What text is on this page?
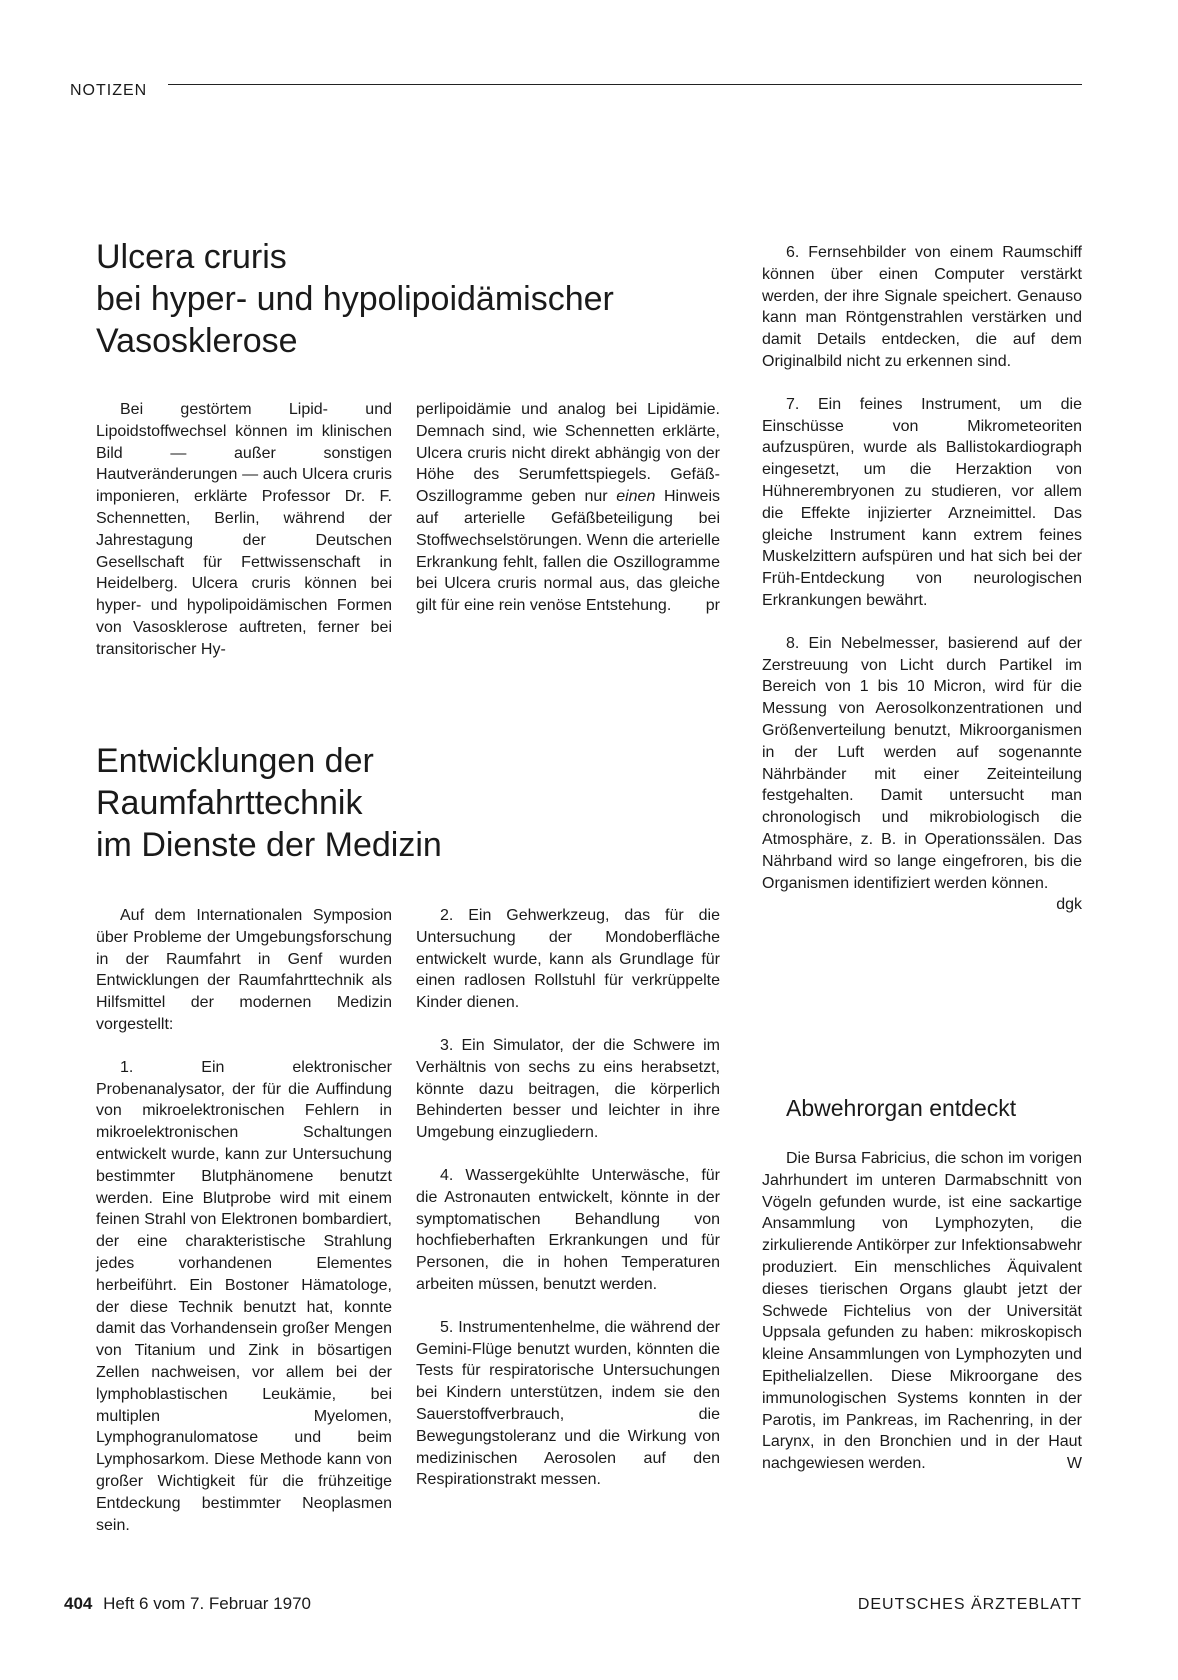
NOTIZEN
Ulcera cruris
bei hyper- und hypolipoidämischer
Vasosklerose

Bei gestörtem Lipid- und Lipoidstoffwechsel können im klinischen Bild — außer sonstigen Hautveränderungen — auch Ulcera cruris imponieren, erklärte Professor Dr. F. Schennetten, Berlin, während der Jahrestagung der Deutschen Gesellschaft für Fettwissenschaft in Heidelberg. Ulcera cruris können bei hyper- und hypolipoidämischen Formen von Vasosklerose auftreten, ferner bei transitorischer Hy-

perlipoidämie und analog bei Lipidämie. Demnach sind, wie Schennetten erklärte, Ulcera cruris nicht direkt abhängig von der Höhe des Serumfettspiegels. Gefäß-Oszillogramme geben nur einen Hinweis auf arterielle Gefäßbeteiligung bei Stoffwechselstörungen. Wenn die arterielle Erkrankung fehlt, fallen die Oszillogramme bei Ulcera cruris normal aus, das gleiche gilt für eine rein venöse Entstehung. pr

Entwicklungen der
Raumfahrttechnik
im Dienste der Medizin

Auf dem Internationalen Symposion über Probleme der Umgebungsforschung in der Raumfahrt in Genf wurden Entwicklungen der Raumfahrttechnik als Hilfsmittel der modernen Medizin vorgestellt:

1. Ein elektronischer Probenanalysator, der für die Auffindung von mikroelektronischen Fehlern in mikroelektronischen Schaltungen entwickelt wurde, kann zur Untersuchung bestimmter Blutphänomene benutzt werden. Eine Blutprobe wird mit einem feinen Strahl von Elektronen bombardiert, der eine charakteristische Strahlung jedes vorhandenen Elementes herbeiführt. Ein Bostoner Hämatologe, der diese Technik benutzt hat, konnte damit das Vorhandensein großer Mengen von Titanium und Zink in bösartigen Zellen nachweisen, vor allem bei der lymphoblastischen Leukämie, bei multiplen Myelomen, Lymphogranulomatose und beim Lymphosarkom. Diese Methode kann von großer Wichtigkeit für die frühzeitige Entdeckung bestimmter Neoplasmen sein.

2. Ein Gehwerkzeug, das für die Untersuchung der Mondoberfläche entwickelt wurde, kann als Grundlage für einen radlosen Rollstuhl für verkrüppelte Kinder dienen.

3. Ein Simulator, der die Schwere im Verhältnis von sechs zu eins herabsetzt, könnte dazu beitragen, die körperlich Behinderten besser und leichter in ihre Umgebung einzugliedern.

4. Wassergekühlte Unterwäsche, für die Astronauten entwickelt, könnte in der symptomatischen Behandlung von hochfieberhaften Erkrankungen und für Personen, die in hohen Temperaturen arbeiten müssen, benutzt werden.

5. Instrumentenhelme, die während der Gemini-Flüge benutzt wurden, könnten die Tests für respiratorische Untersuchungen bei Kindern unterstützen, indem sie den Sauerstoffverbrauch, die Bewegungstoleranz und die Wirkung von medizinischen Aerosolen auf den Respirationstrakt messen.

6. Fernsehbilder von einem Raumschiff können über einen Computer verstärkt werden, der ihre Signale speichert. Genauso kann man Röntgenstrahlen verstärken und damit Details entdecken, die auf dem Originalbild nicht zu erkennen sind.

7. Ein feines Instrument, um die Einschüsse von Mikrometeoriten aufzuspüren, wurde als Ballistokardiograph eingesetzt, um die Herzaktion von Hühnerembryonen zu studieren, vor allem die Effekte injizierter Arzneimittel. Das gleiche Instrument kann extrem feines Muskelzittern aufspüren und hat sich bei der Früh-Entdeckung von neurologischen Erkrankungen bewährt.

8. Ein Nebelmesser, basierend auf der Zerstreuung von Licht durch Partikel im Bereich von 1 bis 10 Micron, wird für die Messung von Aerosolkonzentrationen und Größenverteilung benutzt, Mikroorganismen in der Luft werden auf sogenannte Nährbänder mit einer Zeiteinteilung festgehalten. Damit untersucht man chronologisch und mikrobiologisch die Atmosphäre, z. B. in Operationssälen. Das Nährband wird so lange eingefroren, bis die Organismen identifiziert werden können.
dgk

Abwehrorgan entdeckt

Die Bursa Fabricius, die schon im vorigen Jahrhundert im unteren Darmabschnitt von Vögeln gefunden wurde, ist eine sackartige Ansammlung von Lymphozyten, die zirkulierende Antikörper zur Infektionsabwehr produziert. Ein menschliches Äquivalent dieses tierischen Organs glaubt jetzt der Schwede Fichtelius von der Universität Uppsala gefunden zu haben: mikroskopisch kleine Ansammlungen von Lymphozyten und Epithelialzellen. Diese Mikroorgane des immunologischen Systems konnten in der Parotis, im Pankreas, im Rachenring, in der Larynx, in den Bronchien und in der Haut nachgewiesen werden.	W

404 Heft 6 vom 7. Februar 1970	DEUTSCHES ÄRZTEBLATT
